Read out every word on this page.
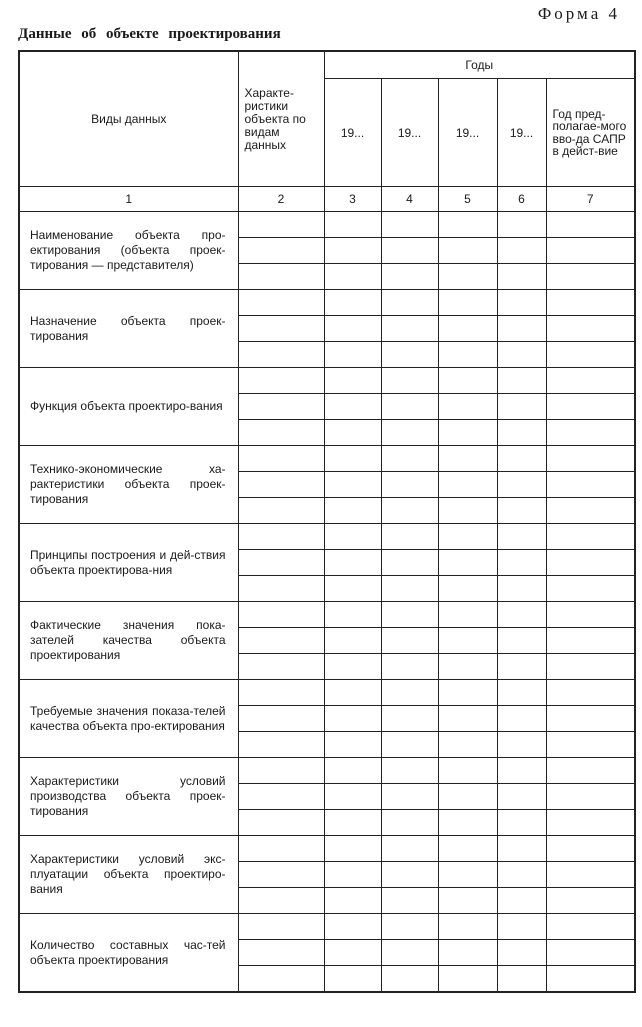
Форма 4
Данные об объекте проектирования
Виды данных	Характе-ристики объекта по видам данных	Годы				
		19...	19...	19...	19...	Год пред-полагае-мого вво-да САПР в дейст-вие
1	2	3	4	5	6	7
Наименование объекта про-ектирования (объекта проек-тирования — представителя)						

Назначение объекта проек-тирования						

Функция объекта проектиро-вания						

Технико-экономические ха-рактеристики объекта проек-тирования						

Принципы построения и дей-ствия объекта проектирова-ния						

Фактические значения пока-зателей качества объекта проектирования						

Требуемые значения показа-телей качества объекта про-ектирования						

Характеристики условий производства объекта проек-тирования						

Характеристики условий экс-плуатации объекта проектиро-вания						

Количество составных час-тей объекта проектирования						
